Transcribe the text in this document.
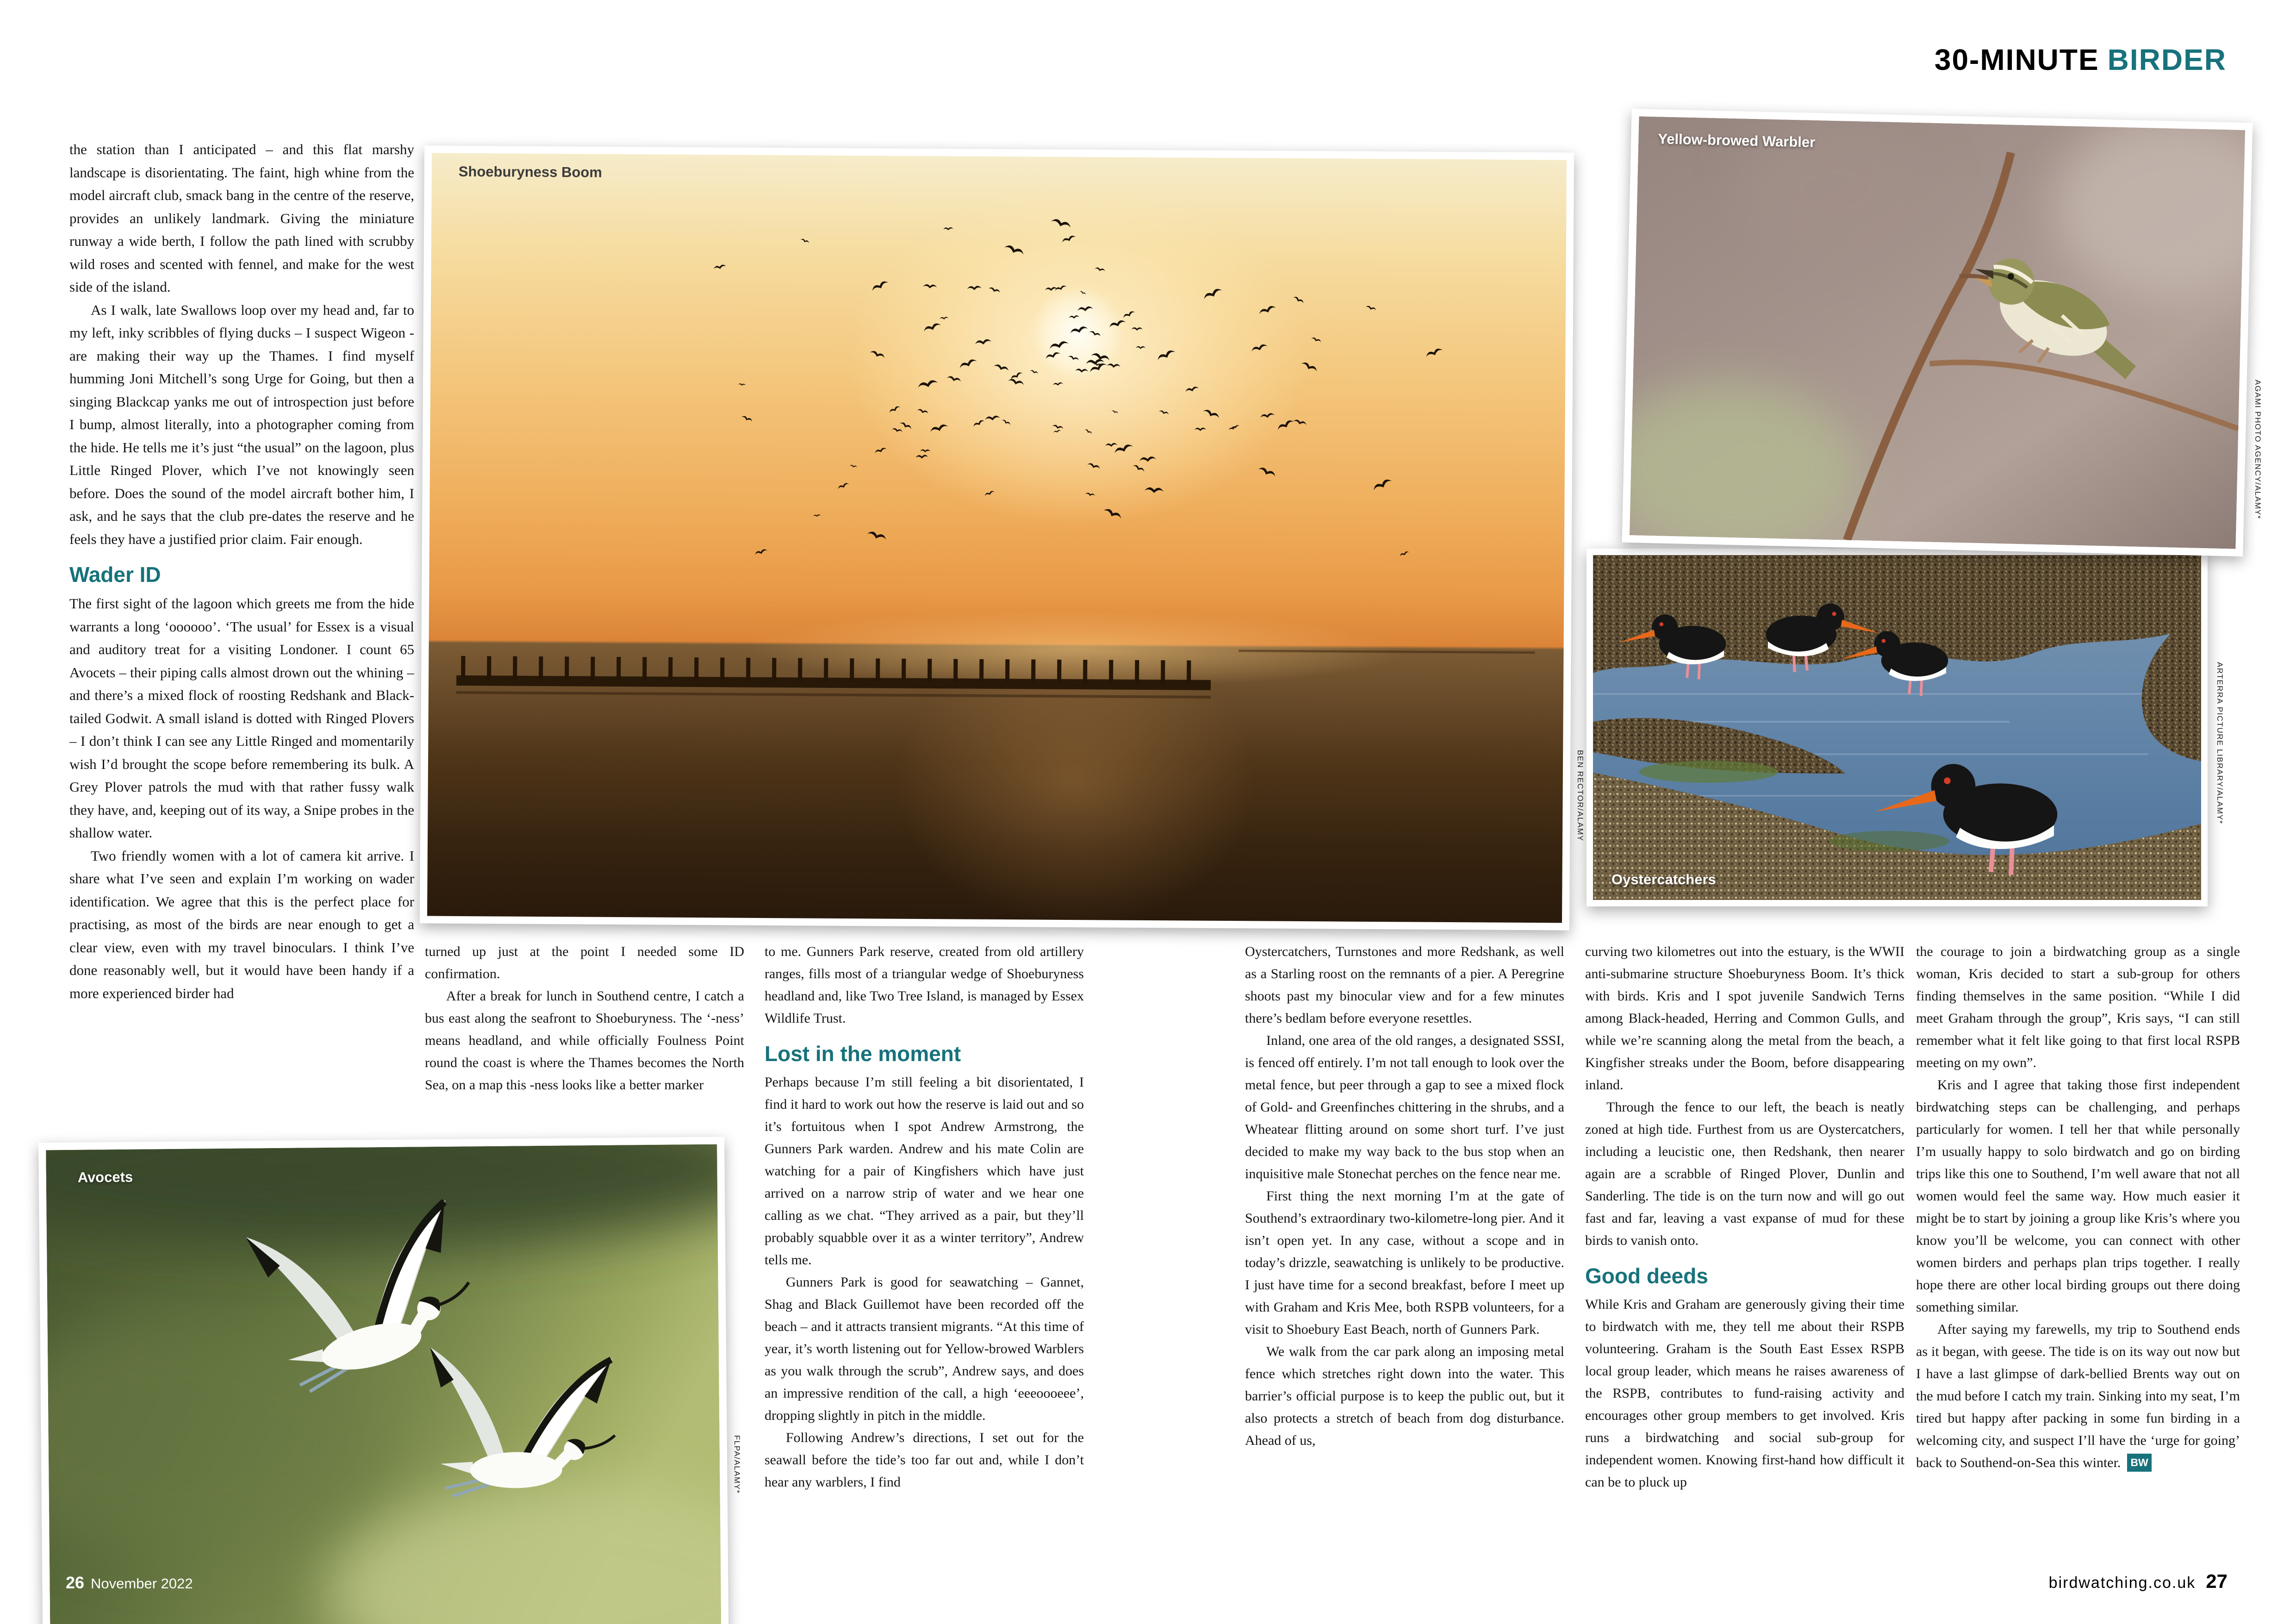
30-MINUTE BIRDER

the station than I anticipated – and this flat marshy landscape is disorientating. The faint, high whine from the model aircraft club, smack bang in the centre of the reserve, provides an unlikely landmark. Giving the miniature runway a wide berth, I follow the path lined with scrubby wild roses and scented with fennel, and make for the west side of the island.

As I walk, late Swallows loop over my head and, far to my left, inky scribbles of flying ducks – I suspect Wigeon - are making their way up the Thames. I find myself humming Joni Mitchell’s song Urge for Going, but then a singing Blackcap yanks me out of introspection just before I bump, almost literally, into a photographer coming from the hide. He tells me it’s just “the usual” on the lagoon, plus Little Ringed Plover, which I’ve not knowingly seen before. Does the sound of the model aircraft bother him, I ask, and he says that the club pre-dates the reserve and he feels they have a justified prior claim. Fair enough.

Wader ID

The first sight of the lagoon which greets me from the hide warrants a long ‘oooooo’. ‘The usual’ for Essex is a visual and auditory treat for a visiting Londoner. I count 65 Avocets – their piping calls almost drown out the whining – and there’s a mixed flock of roosting Redshank and Black-tailed Godwit. A small island is dotted with Ringed Plovers – I don’t think I can see any Little Ringed and momentarily wish I’d brought the scope before remembering its bulk. A Grey Plover patrols the mud with that rather fussy walk they have, and, keeping out of its way, a Snipe probes in the shallow water.

Two friendly women with a lot of camera kit arrive. I share what I’ve seen and explain I’m working on wader identification. We agree that this is the perfect place for practising, as most of the birds are near enough to get a clear view, even with my travel binoculars. I think I’ve done reasonably well, but it would have been handy if a more experienced birder had

turned up just at the point I needed some ID confirmation.

After a break for lunch in Southend centre, I catch a bus east along the seafront to Shoeburyness. The ‘-ness’ means headland, and while officially Foulness Point round the coast is where the Thames becomes the North Sea, on a map this -ness looks like a better marker

to me. Gunners Park reserve, created from old artillery ranges, fills most of a triangular wedge of Shoeburyness headland and, like Two Tree Island, is managed by Essex Wildlife Trust.

Lost in the moment

Perhaps because I’m still feeling a bit disorientated, I find it hard to work out how the reserve is laid out and so it’s fortuitous when I spot Andrew Armstrong, the Gunners Park warden. Andrew and his mate Colin are watching for a pair of Kingfishers which have just arrived on a narrow strip of water and we hear one calling as we chat. “They arrived as a pair, but they’ll probably squabble over it as a winter territory”, Andrew tells me.

Gunners Park is good for seawatching – Gannet, Shag and Black Guillemot have been recorded off the beach – and it attracts transient migrants. “At this time of year, it’s worth listening out for Yellow-browed Warblers as you walk through the scrub”, Andrew says, and does an impressive rendition of the call, a high ‘eeeoooeee’, dropping slightly in pitch in the middle.

Following Andrew’s directions, I set out for the seawall before the tide’s too far out and, while I don’t hear any warblers, I find

Oystercatchers, Turnstones and more Redshank, as well as a Starling roost on the remnants of a pier. A Peregrine shoots past my binocular view and for a few minutes there’s bedlam before everyone resettles.

Inland, one area of the old ranges, a designated SSSI, is fenced off entirely. I’m not tall enough to look over the metal fence, but peer through a gap to see a mixed flock of Gold- and Greenfinches chittering in the shrubs, and a Wheatear flitting around on some short turf. I’ve just decided to make my way back to the bus stop when an inquisitive male Stonechat perches on the fence near me.

First thing the next morning I’m at the gate of Southend’s extraordinary two-kilometre-long pier. And it isn’t open yet. In any case, without a scope and in today’s drizzle, seawatching is unlikely to be productive. I just have time for a second breakfast, before I meet up with Graham and Kris Mee, both RSPB volunteers, for a visit to Shoebury East Beach, north of Gunners Park.

We walk from the car park along an imposing metal fence which stretches right down into the water. This barrier’s official purpose is to keep the public out, but it also protects a stretch of beach from dog disturbance. Ahead of us,

curving two kilometres out into the estuary, is the WWII anti-submarine structure Shoeburyness Boom. It’s thick with birds. Kris and I spot juvenile Sandwich Terns among Black-headed, Herring and Common Gulls, and while we’re scanning along the metal from the beach, a Kingfisher streaks under the Boom, before disappearing inland.

Through the fence to our left, the beach is neatly zoned at high tide. Furthest from us are Oystercatchers, including a leucistic one, then Redshank, then nearer again are a scrabble of Ringed Plover, Dunlin and Sanderling. The tide is on the turn now and will go out fast and far, leaving a vast expanse of mud for these birds to vanish onto.

Good deeds

While Kris and Graham are generously giving their time to birdwatch with me, they tell me about their RSPB volunteering. Graham is the South East Essex RSPB local group leader, which means he raises awareness of the RSPB, contributes to fund-raising activity and encourages other group members to get involved. Kris runs a birdwatching and social sub-group for independent women. Knowing first-hand how difficult it can be to pluck up

the courage to join a birdwatching group as a single woman, Kris decided to start a sub-group for others finding themselves in the same position. “While I did meet Graham through the group”, Kris says, “I can still remember what it felt like going to that first local RSPB meeting on my own”.

Kris and I agree that taking those first independent birdwatching steps can be challenging, and perhaps particularly for women. I tell her that while personally I’m usually happy to solo birdwatch and go on birding trips like this one to Southend, I’m well aware that not all women would feel the same way. How much easier it might be to start by joining a group like Kris’s where you know you’ll be welcome, you can connect with other women birders and perhaps plan trips together. I really hope there are other local birding groups out there doing something similar.

After saying my farewells, my trip to Southend ends as it began, with geese. The tide is on its way out now but I have a last glimpse of dark-bellied Brents way out on the mud before I catch my train. Sinking into my seat, I’m tired but happy after packing in some fun birding in a welcoming city, and suspect I’ll have the ‘urge for going’ back to Southend-on-Sea this winter. BW

Shoeburyness Boom
Yellow-browed Warbler
Oystercatchers
Avocets
BEN RECTOR/ALAMY
AGAMI PHOTO AGENCY/ALAMY*
ARTERRA PICTURE LIBRARY/ALAMY*
FLPA/ALAMY*
26 November 2022	birdwatching.co.uk 27
